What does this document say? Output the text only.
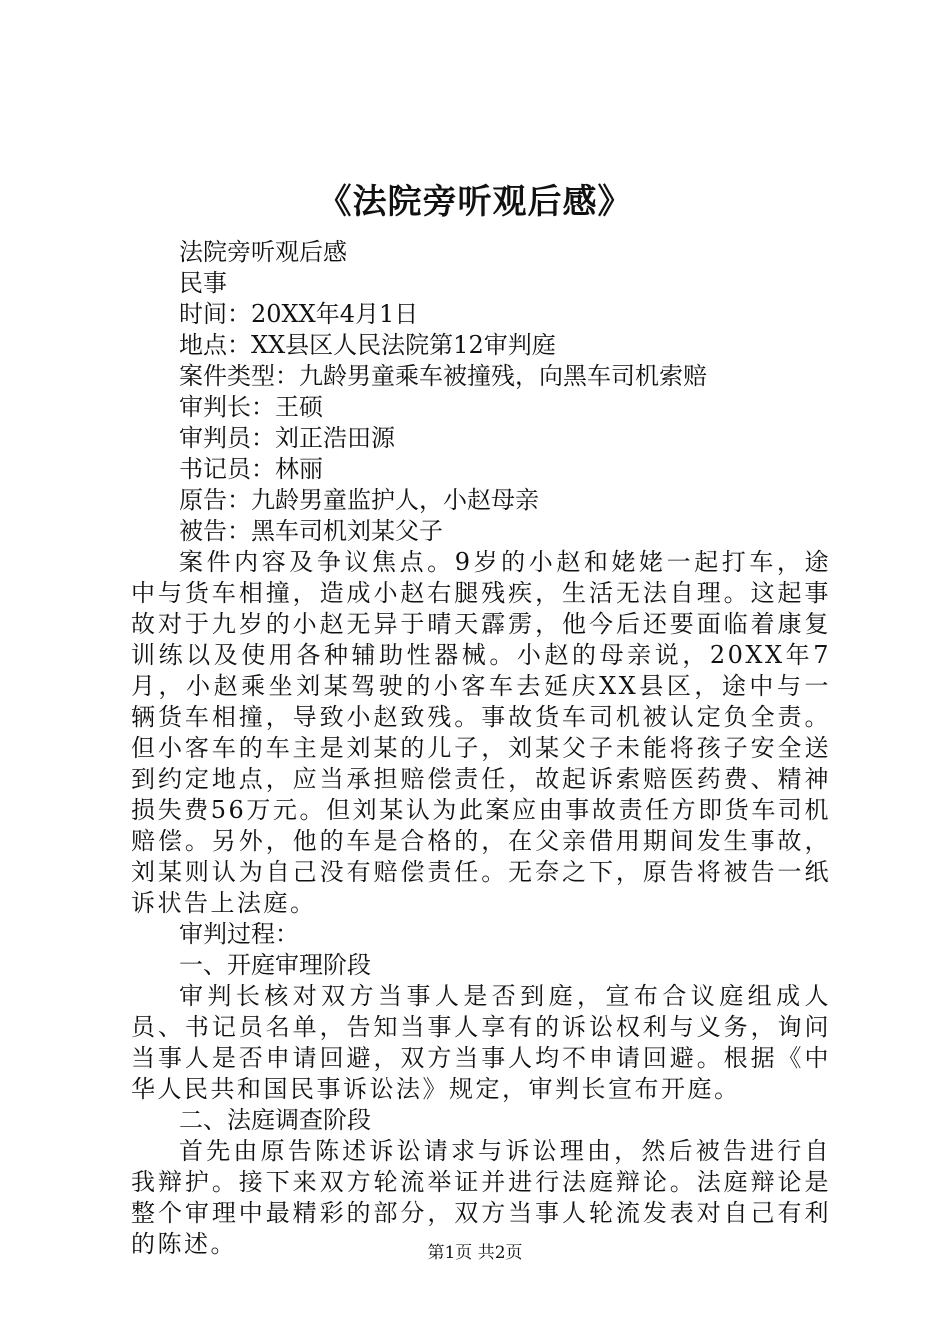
《法院旁听观后感》

法院旁听观后感

民事

时间：20XX年4月1日

地点：XX县区人民法院第12审判庭

案件类型：九龄男童乘车被撞残，向黑车司机索赔

审判长：王硕

审判员：刘正浩田源

书记员：林丽

原告：九龄男童监护人，小赵母亲

被告：黑车司机刘某父子

案件内容及争议焦点。9岁的小赵和姥姥一起打车，途中与货车相撞，造成小赵右腿残疾，生活无法自理。这起事故对于九岁的小赵无异于晴天霹雳，他今后还要面临着康复训练以及使用各种辅助性器械。小赵的母亲说，20XX年7月，小赵乘坐刘某驾驶的小客车去延庆XX县区，途中与一辆货车相撞，导致小赵致残。事故货车司机被认定负全责。但小客车的车主是刘某的儿子，刘某父子未能将孩子安全送到约定地点，应当承担赔偿责任，故起诉索赔医药费、精神损失费56万元。但刘某认为此案应由事故责任方即货车司机赔偿。另外，他的车是合格的，在父亲借用期间发生事故，刘某则认为自己没有赔偿责任。无奈之下，原告将被告一纸诉状告上法庭。

审判过程：

一、开庭审理阶段

审判长核对双方当事人是否到庭，宣布合议庭组成人员、书记员名单，告知当事人享有的诉讼权利与义务，询问当事人是否申请回避，双方当事人均不申请回避。根据《中华人民共和国民事诉讼法》规定，审判长宣布开庭。

二、法庭调查阶段

首先由原告陈述诉讼请求与诉讼理由，然后被告进行自我辩护。接下来双方轮流举证并进行法庭辩论。法庭辩论是整个审理中最精彩的部分，双方当事人轮流发表对自己有利的陈述。	第1页 共2页
